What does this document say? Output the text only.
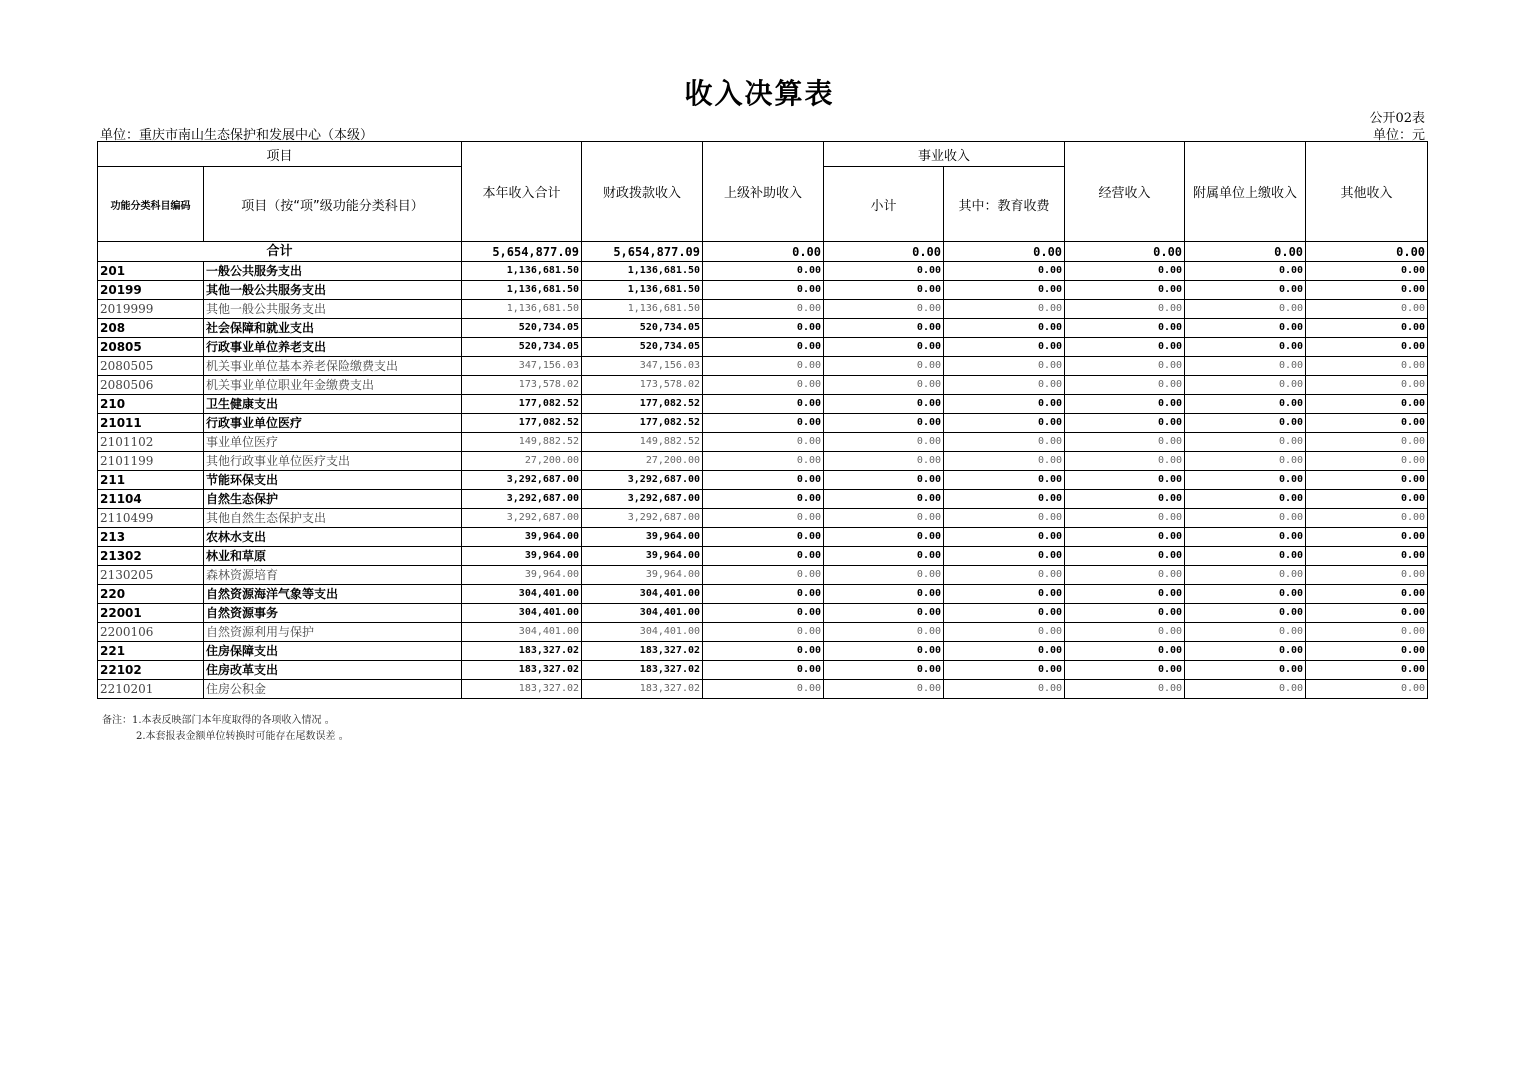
收入决算表
公开02表
单位：重庆市南山生态保护和发展中心（本级）	单位：元
项目		本年收入合计	财政拨款收入	上级补助收入	事业收入		经营收入	附属单位上缴收入	其他收入
功能分类科目编码	项目（按“项”级功能分类科目）				小计	其中：教育收费			
合计		5,654,877.09	5,654,877.09	0.00	0.00	0.00	0.00	0.00	0.00
201	一般公共服务支出	1,136,681.50	1,136,681.50	0.00	0.00	0.00	0.00	0.00	0.00
20199	其他一般公共服务支出	1,136,681.50	1,136,681.50	0.00	0.00	0.00	0.00	0.00	0.00
2019999	其他一般公共服务支出	1,136,681.50	1,136,681.50	0.00	0.00	0.00	0.00	0.00	0.00
208	社会保障和就业支出	520,734.05	520,734.05	0.00	0.00	0.00	0.00	0.00	0.00
20805	行政事业单位养老支出	520,734.05	520,734.05	0.00	0.00	0.00	0.00	0.00	0.00
2080505	机关事业单位基本养老保险缴费支出	347,156.03	347,156.03	0.00	0.00	0.00	0.00	0.00	0.00
2080506	机关事业单位职业年金缴费支出	173,578.02	173,578.02	0.00	0.00	0.00	0.00	0.00	0.00
210	卫生健康支出	177,082.52	177,082.52	0.00	0.00	0.00	0.00	0.00	0.00
21011	行政事业单位医疗	177,082.52	177,082.52	0.00	0.00	0.00	0.00	0.00	0.00
2101102	事业单位医疗	149,882.52	149,882.52	0.00	0.00	0.00	0.00	0.00	0.00
2101199	其他行政事业单位医疗支出	27,200.00	27,200.00	0.00	0.00	0.00	0.00	0.00	0.00
211	节能环保支出	3,292,687.00	3,292,687.00	0.00	0.00	0.00	0.00	0.00	0.00
21104	自然生态保护	3,292,687.00	3,292,687.00	0.00	0.00	0.00	0.00	0.00	0.00
2110499	其他自然生态保护支出	3,292,687.00	3,292,687.00	0.00	0.00	0.00	0.00	0.00	0.00
213	农林水支出	39,964.00	39,964.00	0.00	0.00	0.00	0.00	0.00	0.00
21302	林业和草原	39,964.00	39,964.00	0.00	0.00	0.00	0.00	0.00	0.00
2130205	森林资源培育	39,964.00	39,964.00	0.00	0.00	0.00	0.00	0.00	0.00
220	自然资源海洋气象等支出	304,401.00	304,401.00	0.00	0.00	0.00	0.00	0.00	0.00
22001	自然资源事务	304,401.00	304,401.00	0.00	0.00	0.00	0.00	0.00	0.00
2200106	自然资源利用与保护	304,401.00	304,401.00	0.00	0.00	0.00	0.00	0.00	0.00
221	住房保障支出	183,327.02	183,327.02	0.00	0.00	0.00	0.00	0.00	0.00
22102	住房改革支出	183,327.02	183,327.02	0.00	0.00	0.00	0.00	0.00	0.00
2210201	住房公积金	183,327.02	183,327.02	0.00	0.00	0.00	0.00	0.00	0.00
备注：1.本表反映部门本年度取得的各项收入情况 。
2.本套报表金额单位转换时可能存在尾数误差 。
